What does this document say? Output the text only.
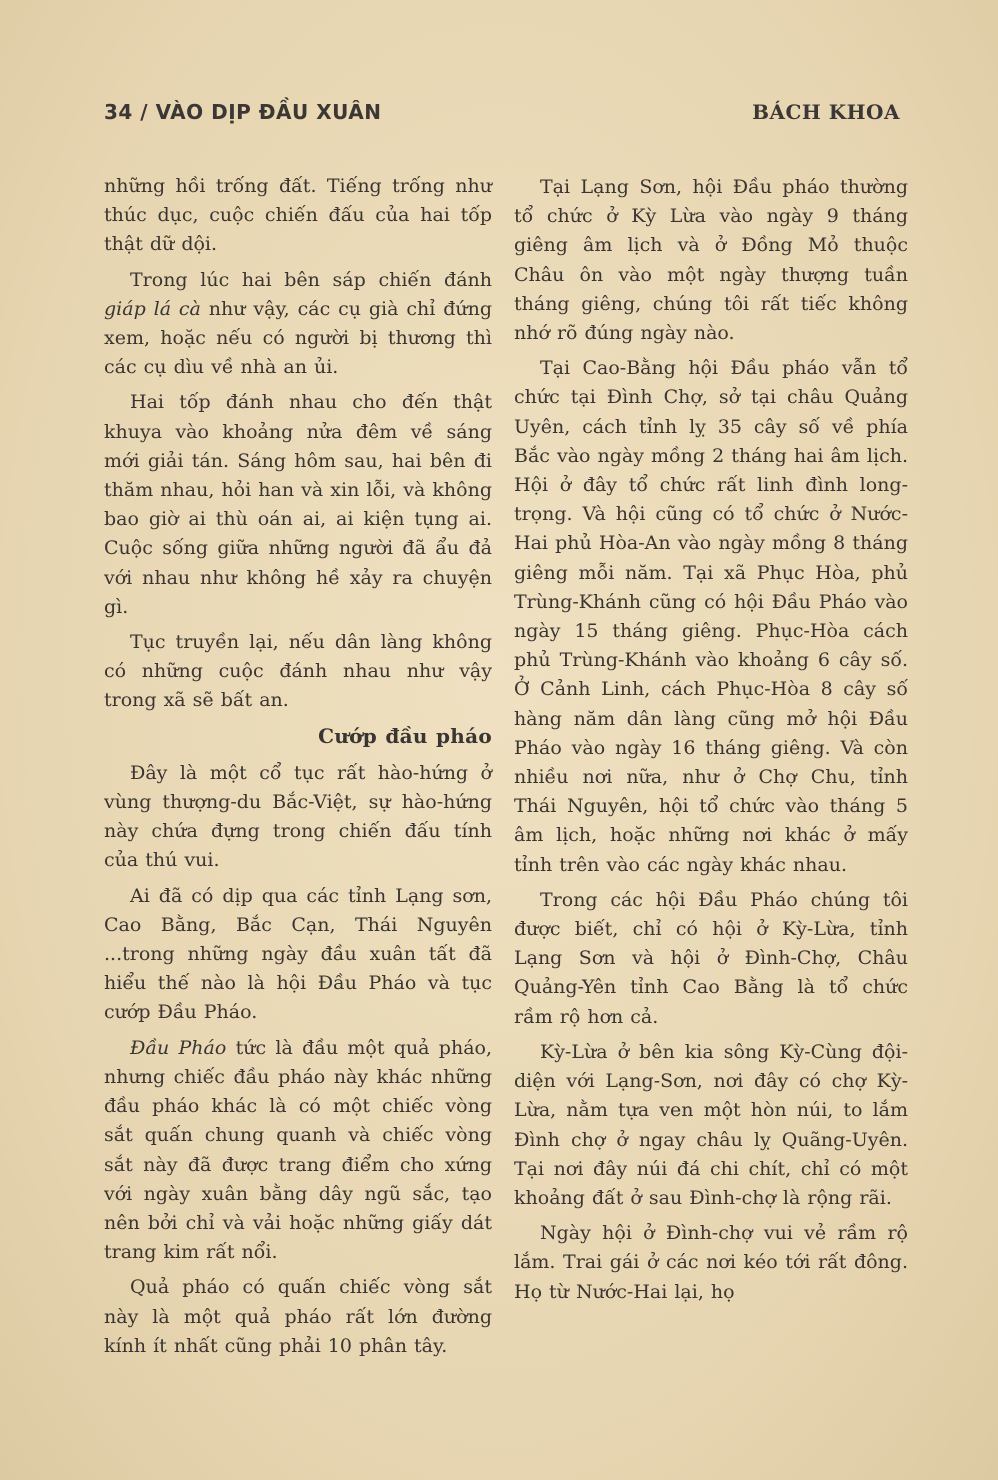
34 / VÀO DỊP ĐẦU XUÂN	BÁCH KHOA

những hồi trống đất. Tiếng trống như thúc dục, cuộc chiến đấu của hai tốp thật dữ dội.

Trong lúc hai bên sáp chiến đánh giáp lá cà như vậy, các cụ già chỉ đứng xem, hoặc nếu có người bị thương thì các cụ dìu về nhà an ủi.

Hai tốp đánh nhau cho đến thật khuya vào khoảng nửa đêm về sáng mới giải tán. Sáng hôm sau, hai bên đi thăm nhau, hỏi han và xin lỗi, và không bao giờ ai thù oán ai, ai kiện tụng ai. Cuộc sống giữa những người đã ẩu đả với nhau như không hề xảy ra chuyện gì.

Tục truyền lại, nếu dân làng không có những cuộc đánh nhau như vậy trong xã sẽ bất an.

Cướp đầu pháo

Đây là một cổ tục rất hào-hứng ở vùng thượng-du Bắc-Việt, sự hào-hứng này chứa đựng trong chiến đấu tính của thú vui.

Ai đã có dịp qua các tỉnh Lạng sơn, Cao Bằng, Bắc Cạn, Thái Nguyên ...trong những ngày đầu xuân tất đã hiểu thế nào là hội Đầu Pháo và tục cướp Đầu Pháo.

Đầu Pháo tức là đầu một quả pháo, nhưng chiếc đầu pháo này khác những đầu pháo khác là có một chiếc vòng sắt quấn chung quanh và chiếc vòng sắt này đã được trang điểm cho xứng với ngày xuân bằng dây ngũ sắc, tạo nên bởi chỉ và vải hoặc những giấy dát trang kim rất nổi.

Quả pháo có quấn chiếc vòng sắt này là một quả pháo rất lớn đường kính ít nhất cũng phải 10 phân tây.

Tại Lạng Sơn, hội Đầu pháo thường tổ chức ở Kỳ Lừa vào ngày 9 tháng giêng âm lịch và ở Đồng Mỏ thuộc Châu ôn vào một ngày thượng tuần tháng giêng, chúng tôi rất tiếc không nhớ rõ đúng ngày nào.

Tại Cao-Bằng hội Đầu pháo vẫn tổ chức tại Đình Chợ, sở tại châu Quảng Uyên, cách tỉnh lỵ 35 cây số về phía Bắc vào ngày mồng 2 tháng hai âm lịch. Hội ở đây tổ chức rất linh đình long-trọng. Và hội cũng có tổ chức ở Nước-Hai phủ Hòa-An vào ngày mồng 8 tháng giêng mỗi năm. Tại xã Phục Hòa, phủ Trùng-Khánh cũng có hội Đầu Pháo vào ngày 15 tháng giêng. Phục-Hòa cách phủ Trùng-Khánh vào khoảng 6 cây số. Ở Cảnh Linh, cách Phục-Hòa 8 cây số hàng năm dân làng cũng mở hội Đầu Pháo vào ngày 16 tháng giêng. Và còn nhiều nơi nữa, như ở Chợ Chu, tỉnh Thái Nguyên, hội tổ chức vào tháng 5 âm lịch, hoặc những nơi khác ở mấy tỉnh trên vào các ngày khác nhau.

Trong các hội Đầu Pháo chúng tôi được biết, chỉ có hội ở Kỳ-Lừa, tỉnh Lạng Sơn và hội ở Đình-Chợ, Châu Quảng-Yên tỉnh Cao Bằng là tổ chức rầm rộ hơn cả.

Kỳ-Lừa ở bên kia sông Kỳ-Cùng đội-diện với Lạng-Sơn, nơi đây có chợ Kỳ-Lừa, nằm tựa ven một hòn núi, to lắm Đình chợ ở ngay châu lỵ Quãng-Uyên. Tại nơi đây núi đá chi chít, chỉ có một khoảng đất ở sau Đình-chợ là rộng rãi.

Ngày hội ở Đình-chợ vui vẻ rầm rộ lắm. Trai gái ở các nơi kéo tới rất đông. Họ từ Nước-Hai lại, họ
